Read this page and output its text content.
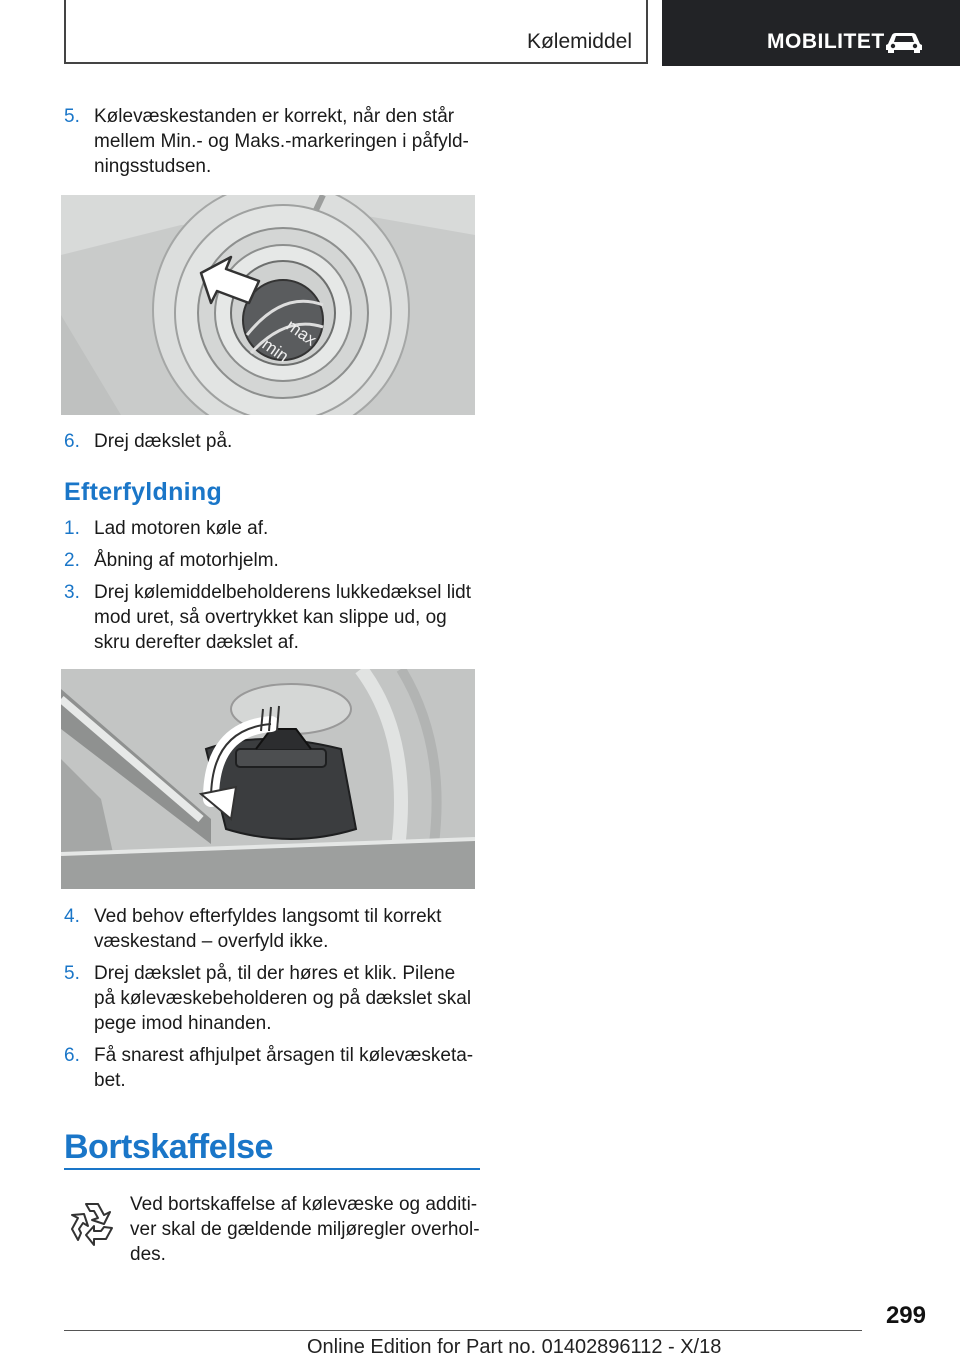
Kølemiddel	MOBILITET
5. Kølevæskestanden er korrekt, når den står mellem Min.- og Maks.-markeringen i påfyldningsstudsen.
max
min
6. Drej dækslet på.
Efterfyldning
1. Lad motoren køle af.
2. Åbning af motorhjelm.
3. Drej kølemiddelbeholderens lukkedæksel lidt mod uret, så overtrykket kan slippe ud, og skru derefter dækslet af.
4. Ved behov efterfyldes langsomt til korrekt væskestand – overfyld ikke.
5. Drej dækslet på, til der høres et klik. Pilene på kølevæskebeholderen og på dækslet skal pege imod hinanden.
6. Få snarest afhjulpet årsagen til kølevæsketabet.
Bortskaffelse
Ved bortskaffelse af kølevæske og additiver skal de gældende miljøregler overholdes.
299
Online Edition for Part no. 01402896112 - X/18
